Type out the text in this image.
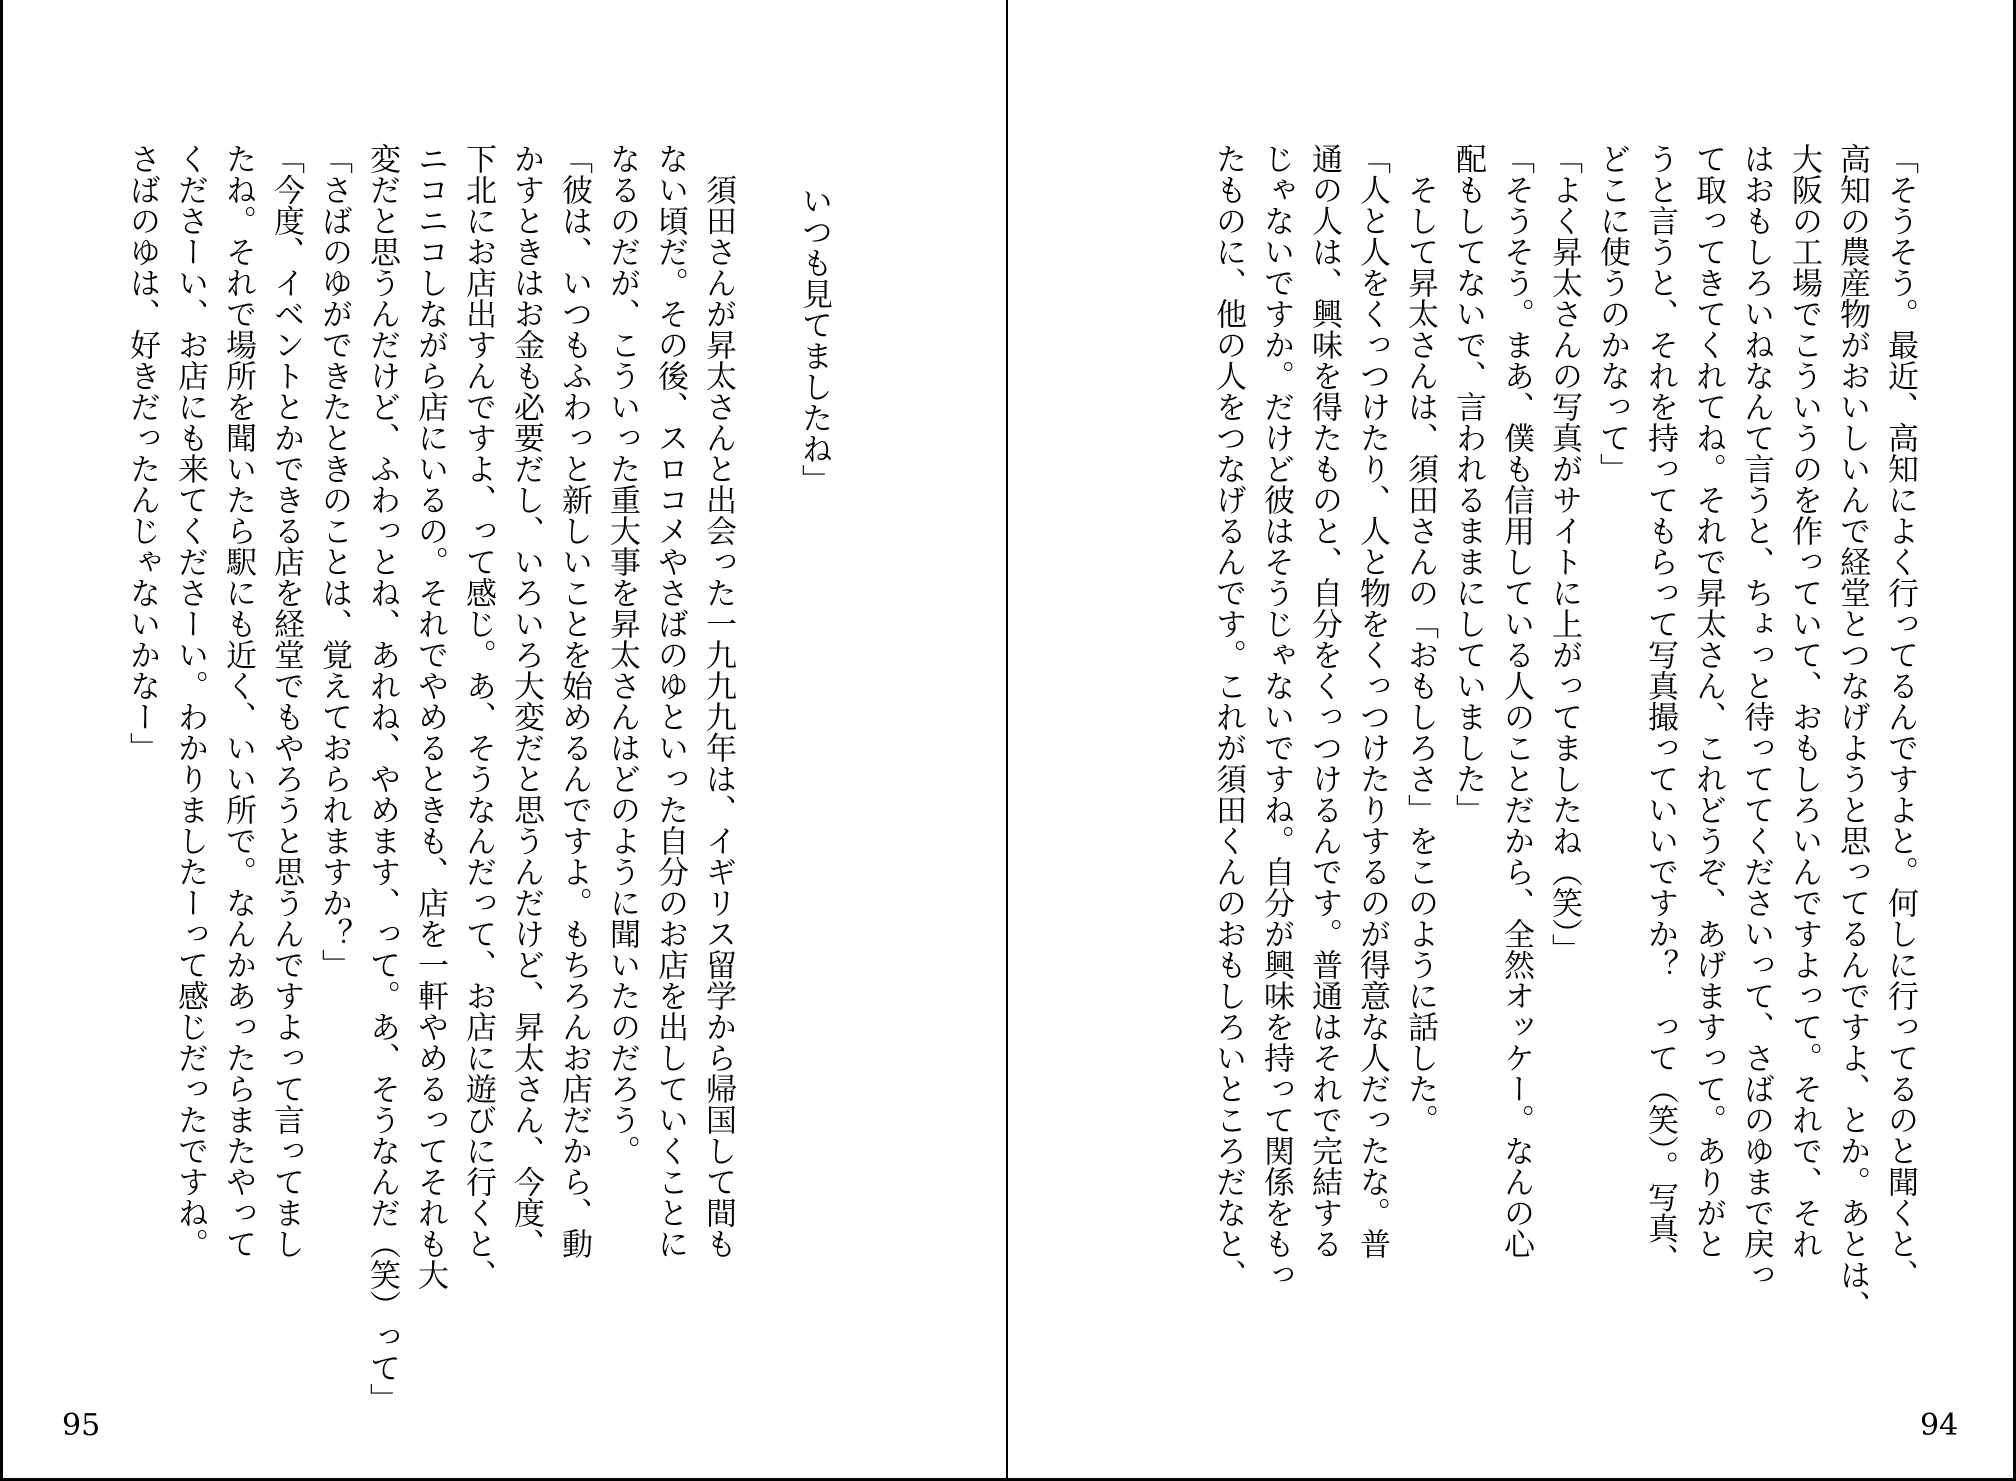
いつも見てましたね」
須田さんが昇太さんと出会った一九九九年は、イギリス留学から帰国して間も
ない頃だ。その後、スロコメやさばのゆといった自分のお店を出していくことに
なるのだが、こういった重大事を昇太さんはどのように聞いたのだろう。
「彼は、いつもふわっと新しいことを始めるんですよ。もちろんお店だから、動
かすときはお金も必要だし、いろいろ大変だと思うんだけど、昇太さん、今度、
下北にお店出すんですよ、って感じ。あ、そうなんだって、お店に遊びに行くと、
ニコニコしながら店にいるの。それでやめるときも、店を一軒やめるってそれも大
変だと思うんだけど、ふわっとね、あれね、やめます、って。あ、そうなんだ（笑）って」
「さばのゆができたときのことは、覚えておられますか？」
「今度、イベントとかできる店を経堂でもやろうと思うんですよって言ってまし
たね。それで場所を聞いたら駅にも近く、いい所で。なんかあったらまたやって
くださーい、お店にも来てくださーい。わかりましたーって感じだったですね。
さばのゆは、好きだったんじゃないかなー」	「そうそう。最近、高知によく行ってるんですよと。何しに行ってるのと聞くと、
高知の農産物がおいしいんで経堂とつなげようと思ってるんですよ、とか。あとは、
大阪の工場でこういうのを作っていて、おもしろいんですよって。それで、それ
はおもしろいねなんて言うと、ちょっと待っててくださいって、さばのゆまで戻っ
て取ってきてくれてね。それで昇太さん、これどうぞ、あげますって。ありがと
うと言うと、それを持ってもらって写真撮っていいですか？　って（笑）。写真、
どこに使うのかなって」
「よく昇太さんの写真がサイトに上がってましたね（笑）」
「そうそう。まあ、僕も信用している人のことだから、全然オッケー。なんの心
配もしてないで、言われるままにしていました」
そして昇太さんは、須田さんの「おもしろさ」をこのように話した。
「人と人をくっつけたり、人と物をくっつけたりするのが得意な人だったな。普
通の人は、興味を得たものと、自分をくっつけるんです。普通はそれで完結する
じゃないですか。だけど彼はそうじゃないですね。自分が興味を持って関係をもっ
たものに、他の人をつなげるんです。これが須田くんのおもしろいところだなと、
95	94
